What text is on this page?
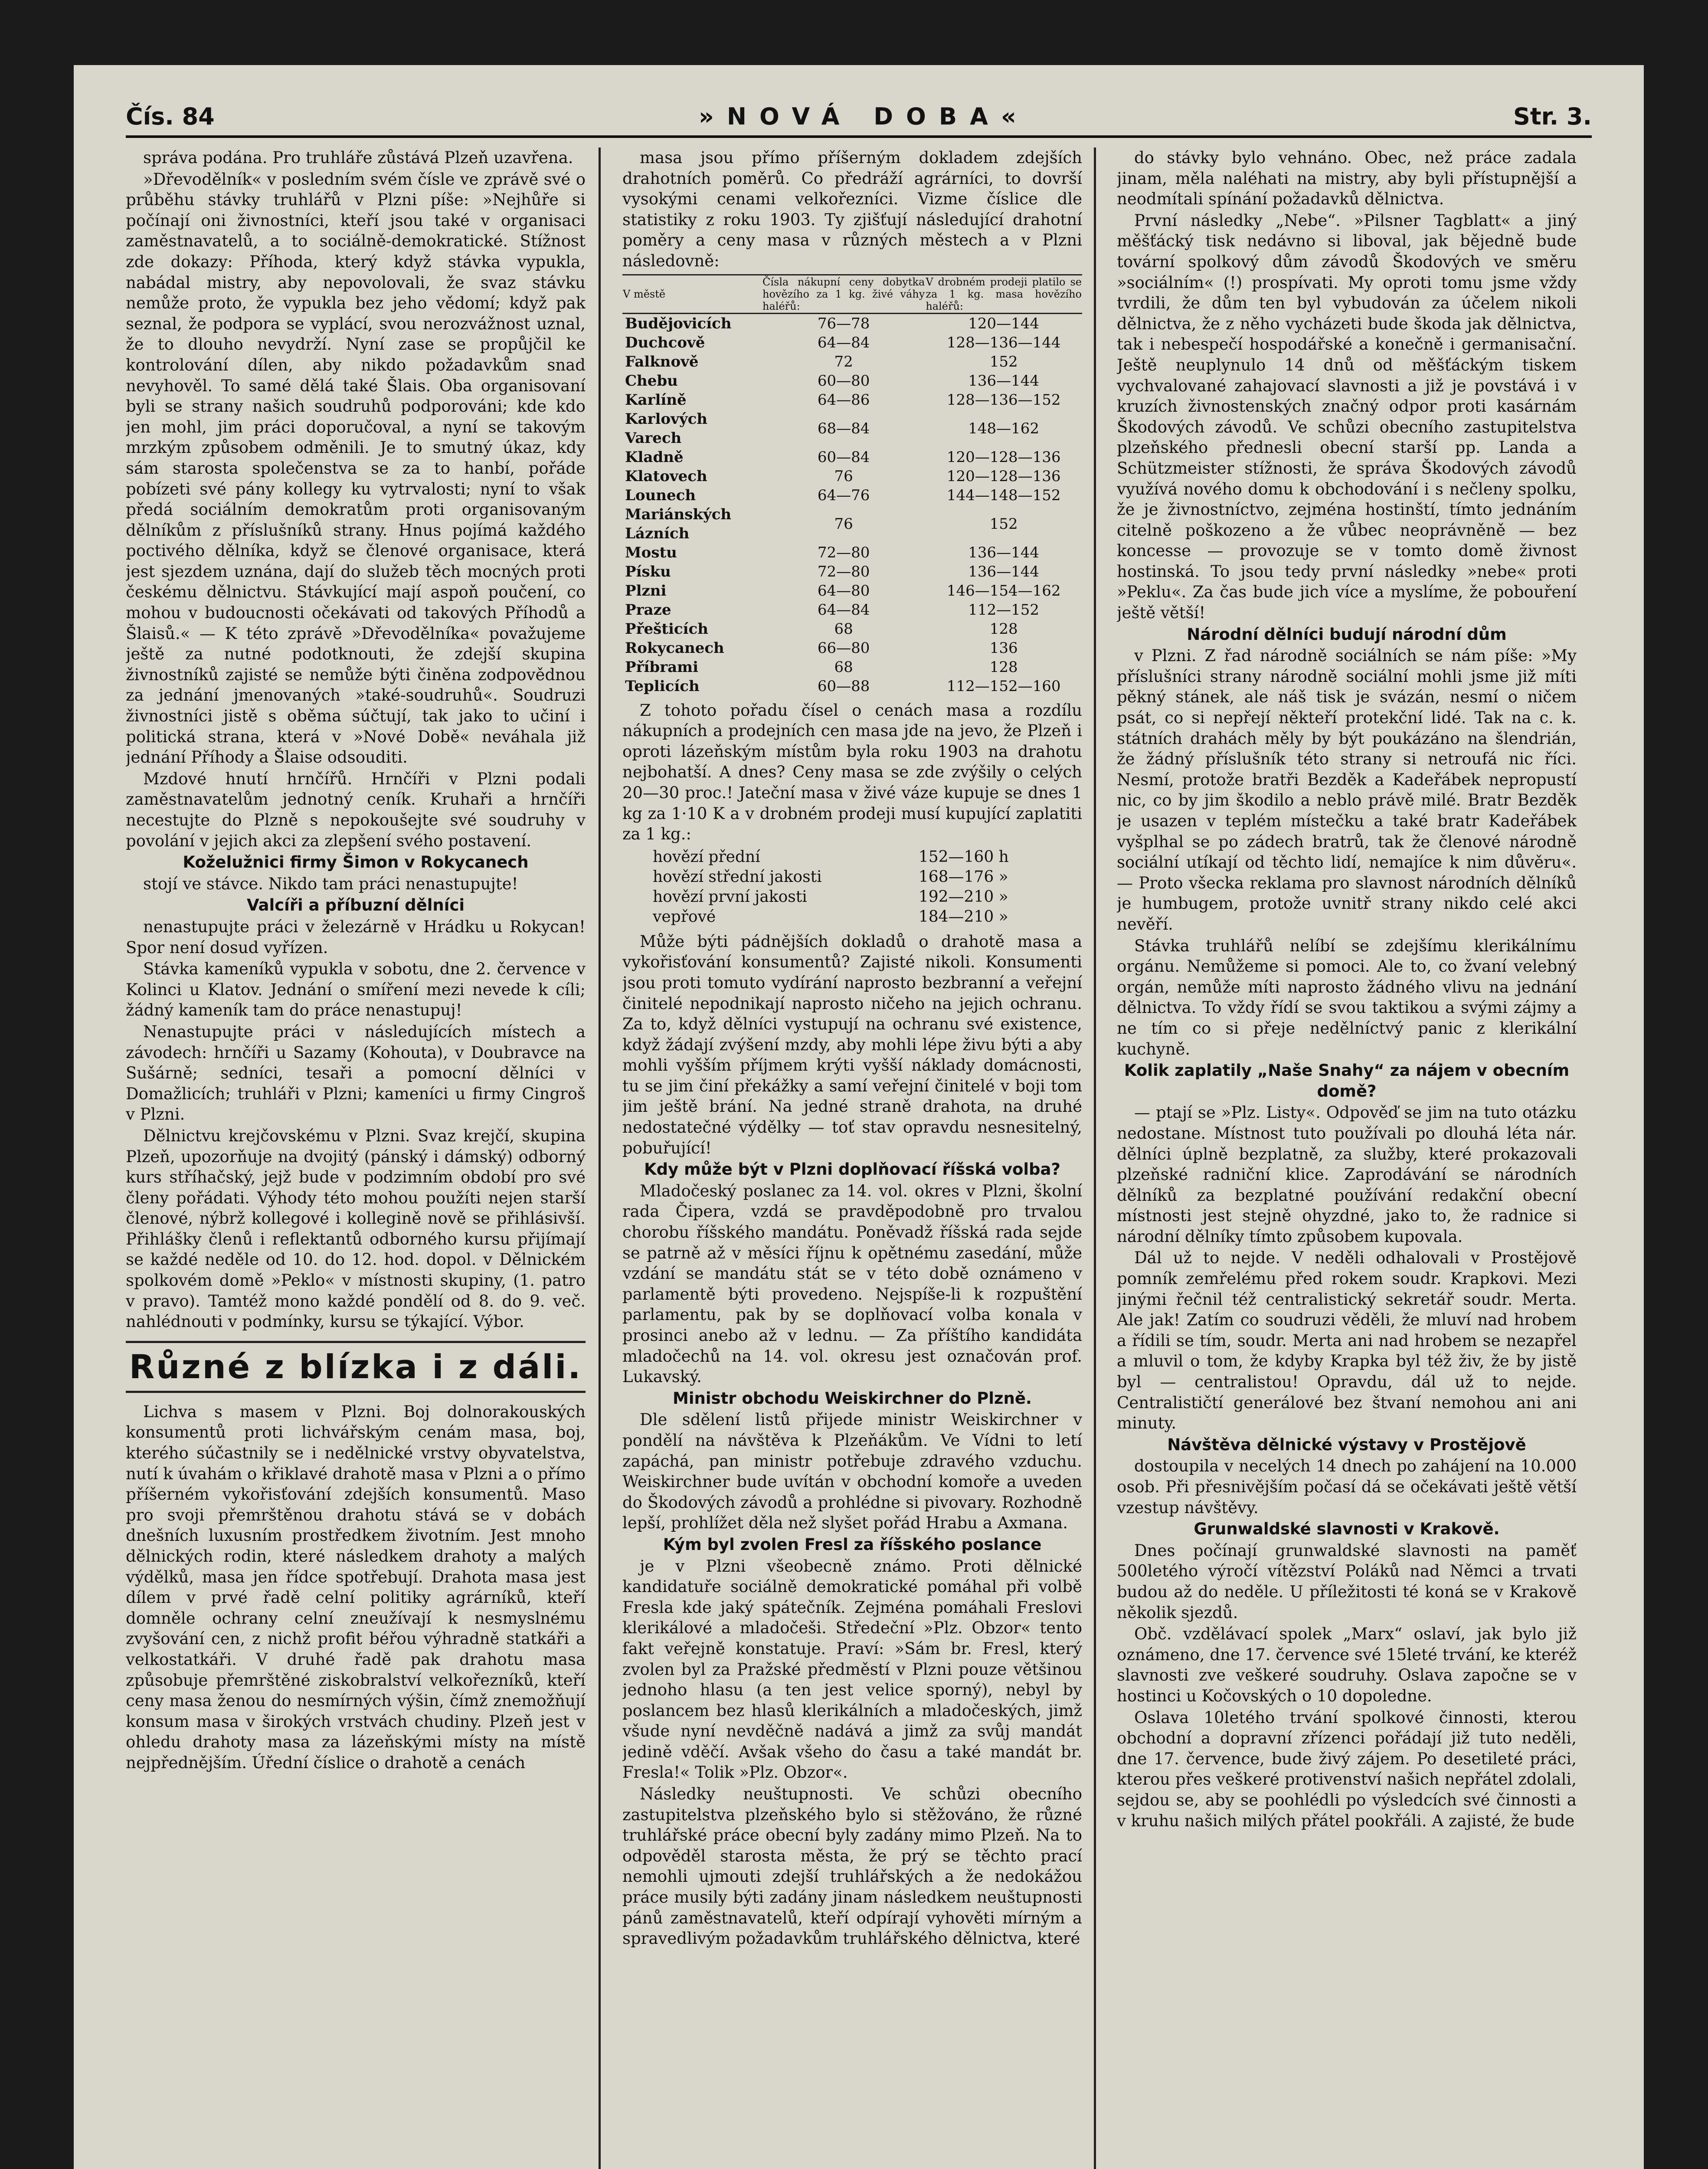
Čís. 84	»NOVÁ DOBA«	Str. 3.

správa podána. Pro truhláře zůstává Plzeň uzavřena.

»Dřevodělník« v posledním svém čísle ve zprávě své o průběhu stávky truhlářů v Plzni píše: »Nejhůře si počínají oni živnostníci, kteří jsou také v organisaci zaměstnavatelů, a to sociálně-demokratické. Stížnost zde dokazy: Příhoda, který když stávka vypukla, nabádal mistry, aby nepovolovali, že svaz stávku nemůže proto, že vypukla bez jeho vědomí; když pak seznal, že podpora se vyplácí, svou nerozvážnost uznal, že to dlouho nevydrží. Nyní zase se propůjčil ke kontrolování dílen, aby nikdo požadavkům snad nevyhověl. To samé dělá také Šlais. Oba organisovaní byli se strany našich soudruhů podporováni; kde kdo jen mohl, jim práci doporučoval, a nyní se takovým mrzkým způsobem odměnili. Je to smutný úkaz, kdy sám starosta společenstva se za to hanbí, pořáde pobízeti své pány kollegy ku vytrvalosti; nyní to však předá sociálním demokratům proti organisovaným dělníkům z příslušníků strany. Hnus pojímá každého poctivého dělníka, když se členové organisace, která jest sjezdem uznána, dají do služeb těch mocných proti českému dělnictvu. Stávkující mají aspoň poučení, co mohou v budoucnosti očekávati od takových Příhodů a Šlaisů.« — K této zprávě »Dřevodělníka« považujeme ještě za nutné podotknouti, že zdejší skupina živnostníků zajisté se nemůže býti činěna zodpovědnou za jednání jmenovaných »také-soudruhů«. Soudruzi živnostníci jistě s oběma súčtují, tak jako to učiní i politická strana, která v »Nové Době« neváhala již jednání Příhody a Šlaise odsouditi.

Mzdové hnutí hrnčířů. Hrnčíři v Plzni podali zaměstnavatelům jednotný ceník. Kruhaři a hrnčíři necestujte do Plzně s nepokoušejte své soudruhy v povolání v jejich akci za zlepšení svého postavení.

Koželužnici firmy Šimon v Rokycanech

stojí ve stávce. Nikdo tam práci nenastupujte!

Valcíři a příbuzní dělníci

nenastupujte práci v železárně v Hrádku u Rokycan! Spor není dosud vyřízen.

Stávka kameníků vypukla v sobotu, dne 2. července v Kolinci u Klatov. Jednání o smíření mezi nevede k cíli; žádný kameník tam do práce nenastupuj!

Nenastupujte práci v následujících místech a závodech: hrnčíři u Sazamy (Kohouta), v Doubravce na Sušárně; sedníci, tesaři a pomocní dělníci v Domažlicích; truhláři v Plzni; kameníci u firmy Cingroš v Plzni.

Dělnictvu krejčovskému v Plzni. Svaz krejčí, skupina Plzeň, upozorňuje na dvojitý (pánský i dámský) odborný kurs stříhačský, jejž bude v podzimním období pro své členy pořádati. Výhody této mohou použíti nejen starší členové, nýbrž kollegové i kollegině nově se přihlásivší. Přihlášky členů i reflektantů odborného kursu přijímají se každé neděle od 10. do 12. hod. dopol. v Dělnickém spolkovém domě »Peklo« v místnosti skupiny, (1. patro v pravo). Tamtéž mono každé pondělí od 8. do 9. več. nahlédnouti v podmínky, kursu se týkající. Výbor.

Různé z blízka i z dáli.

Lichva s masem v Plzni. Boj dolnorakouských konsumentů proti lichvářským cenám masa, boj, kterého súčastnily se i nedělnické vrstvy obyvatelstva, nutí k úvahám o křiklavé drahotě masa v Plzni a o přímo příšerném vykořisťování zdejších konsumentů. Maso pro svoji přemrštěnou drahotu stává se v dobách dnešních luxusním prostředkem životním. Jest mnoho dělnických rodin, které následkem drahoty a malých výdělků, masa jen řídce spotřebují. Drahota masa jest dílem v prvé řadě celní politiky agrárníků, kteří domněle ochrany celní zneužívají k nesmyslnému zvyšování cen, z nichž profit béřou výhradně statkáři a velkostatkáři. V druhé řadě pak drahotu masa způsobuje přemrštěné ziskobralství velkořezníků, kteří ceny masa ženou do nesmírných výšin, čímž znemožňují konsum masa v širokých vrstvách chudiny. Plzeň jest v ohledu drahoty masa za lázeňskými místy na místě nejpřednějším. Úřední číslice o drahotě a cenách

masa jsou přímo příšerným dokladem zdejších drahotních poměrů. Co předráží agrárníci, to dovrší vysokými cenami velkořezníci. Vizme číslice dle statistiky z roku 1903. Ty zjišťují následující drahotní poměry a ceny masa v různých městech a v Plzni následovně:

V městě	Čísla nákupní ceny dobytka hovězího za 1 kg. živé váhy haléřů:	V drobném prodeji platilo se za 1 kg. masa hovězího haléřů:
Budějovicích	76—78	120—144
Duchcově	64—84	128—136—144
Falknově	72	152
Chebu	60—80	136—144
Karlíně	64—86	128—136—152
Karlových Varech	68—84	148—162
Kladně	60—84	120—128—136
Klatovech	76	120—128—136
Lounech	64—76	144—148—152
Mariánských Lázních	76	152
Mostu	72—80	136—144
Písku	72—80	136—144
Plzni	64—80	146—154—162
Praze	64—84	112—152
Přešticích	68	128
Rokycanech	66—80	136
Příbrami	68	128
Teplicích	60—88	112—152—160

Z tohoto pořadu čísel o cenách masa a rozdílu nákupních a prodejních cen masa jde na jevo, že Plzeň i oproti lázeňským místům byla roku 1903 na drahotu nejbohatší. A dnes? Ceny masa se zde zvýšily o celých 20—30 proc.! Jateční masa v živé váze kupuje se dnes 1 kg za 1·10 K a v drobném prodeji musí kupující zaplatiti za 1 kg.:

hovězí přední	152—160 h
hovězí střední jakosti	168—176 »
hovězí první jakosti	192—210 »
vepřové	184—210 »

Může býti pádnějších dokladů o drahotě masa a vykořisťování konsumentů? Zajisté nikoli. Konsumenti jsou proti tomuto vydírání naprosto bezbranní a veřejní činitelé nepodnikají naprosto ničeho na jejich ochranu. Za to, když dělníci vystupují na ochranu své existence, když žádají zvýšení mzdy, aby mohli lépe živu býti a aby mohli vyšším příjmem krýti vyšší náklady domácnosti, tu se jim činí překážky a samí veřejní činitelé v boji tom jim ještě brání. Na jedné straně drahota, na druhé nedostatečné výdělky — toť stav opravdu nesnesitelný, pobuřující!

Kdy může být v Plzni doplňovací říšská volba?

Mladočeský poslanec za 14. vol. okres v Plzni, školní rada Čipera, vzdá se pravděpodobně pro trvalou chorobu říšského mandátu. Poněvadž říšská rada sejde se patrně až v měsíci říjnu k opětnému zasedání, může vzdání se mandátu stát se v této době oznámeno v parlamentě býti provedeno. Nejspíše-li k rozpuštění parlamentu, pak by se doplňovací volba konala v prosinci anebo až v lednu. — Za příštího kandidáta mladočechů na 14. vol. okresu jest označován prof. Lukavský.

Ministr obchodu Weiskirchner do Plzně.

Dle sdělení listů přijede ministr Weiskirchner v pondělí na návštěva k Plzeňákům. Ve Vídni to letí zapáchá, pan ministr potřebuje zdravého vzduchu. Weiskirchner bude uvítán v obchodní komoře a uveden do Škodových závodů a prohlédne si pivovary. Rozhodně lepší, prohlížet děla než slyšet pořád Hrabu a Axmana.

Kým byl zvolen Fresl za říšského poslance

je v Plzni všeobecně známo. Proti dělnické kandidatuře sociálně demokratické pomáhal při volbě Fresla kde jaký spátečník. Zejména pomáhali Freslovi klerikálové a mladočeši. Středeční »Plz. Obzor« tento fakt veřejně konstatuje. Praví: »Sám br. Fresl, který zvolen byl za Pražské předměstí v Plzni pouze většinou jednoho hlasu (a ten jest velice sporný), nebyl by poslancem bez hlasů klerikálních a mladočeských, jimž všude nyní nevděčně nadává a jimž za svůj mandát jedině vděčí. Avšak všeho do času a také mandát br. Fresla!« Tolik »Plz. Obzor«.

Následky neuštupnosti. Ve schůzi obecního zastupitelstva plzeňského bylo si stěžováno, že různé truhlářské práce obecní byly zadány mimo Plzeň. Na to odpověděl starosta města, že prý se těchto prací nemohli ujmouti zdejší truhlářských a že nedokážou práce musily býti zadány jinam následkem neuštupnosti pánů zaměstnavatelů, kteří odpírají vyhověti mírným a spravedlivým požadavkům truhlářského dělnictva, které

do stávky bylo vehnáno. Obec, než práce zadala jinam, měla naléhati na mistry, aby byli přístupnější a neodmítali spínání požadavků dělnictva.

První následky „Nebe“. »Pilsner Tagblatt« a jiný měšťácký tisk nedávno si liboval, jak bějedně bude tovární spolkový dům závodů Škodových ve směru »sociálním« (!) prospívati. My oproti tomu jsme vždy tvrdili, že dům ten byl vybudován za účelem nikoli dělnictva, že z něho vycházeti bude škoda jak dělnictva, tak i nebespečí hospodářské a konečně i germanisační. Ještě neuplynulo 14 dnů od měšťáckým tiskem vychvalované zahajovací slavnosti a již je povstává i v kruzích živnostenských značný odpor proti kasárnám Škodových závodů. Ve schůzi obecního zastupitelstva plzeňského přednesli obecní starší pp. Landa a Schützmeister stížnosti, že správa Škodových závodů využívá nového domu k obchodování i s nečleny spolku, že je živnostníctvo, zejména hostinští, tímto jednáním citelně poškozeno a že vůbec neoprávněně — bez koncesse — provozuje se v tomto domě živnost hostinská. To jsou tedy první následky »nebe« proti »Peklu«. Za čas bude jich více a myslíme, že pobouření ještě větší!

Národní dělníci budují národní dům

v Plzni. Z řad národně sociálních se nám píše: »My příslušníci strany národně sociální mohli jsme již míti pěkný stánek, ale náš tisk je svázán, nesmí o ničem psát, co si nepřejí někteří protekční lidé. Tak na c. k. státních drahách měly by být poukázáno na šlendrián, že žádný příslušník této strany si netroufá nic říci. Nesmí, protože bratři Bezděk a Kadeřábek nepropustí nic, co by jim škodilo a neblo právě milé. Bratr Bezděk je usazen v teplém místečku a také bratr Kadeřábek vyšplhal se po zádech bratrů, tak že členové národně sociální utíkají od těchto lidí, nemajíce k nim důvěru«. — Proto všecka reklama pro slavnost národních dělníků je humbugem, protože uvnitř strany nikdo celé akci nevěří.

Stávka truhlářů nelíbí se zdejšímu klerikálnímu orgánu. Nemůžeme si pomoci. Ale to, co žvaní velebný orgán, nemůže míti naprosto žádného vlivu na jednání dělnictva. To vždy řídí se svou taktikou a svými zájmy a ne tím co si přeje nedělníctvý panic z klerikální kuchyně.

Kolik zaplatily „Naše Snahy“ za nájem v obecním domě?

— ptají se »Plz. Listy«. Odpověď se jim na tuto otázku nedostane. Místnost tuto používali po dlouhá léta nár. dělníci úplně bezplatně, za služby, které prokazovali plzeňské radniční klice. Zaprodávání se národních dělníků za bezplatné používání redakční obecní místnosti jest stejně ohyzdné, jako to, že radnice si národní dělníky tímto způsobem kupovala.

Dál už to nejde. V neděli odhalovali v Prostějově pomník zemřelému před rokem soudr. Krapkovi. Mezi jinými řečnil též centralistický sekretář soudr. Merta. Ale jak! Zatím co soudruzi věděli, že mluví nad hrobem a řídili se tím, soudr. Merta ani nad hrobem se nezapřel a mluvil o tom, že kdyby Krapka byl též živ, že by jistě byl — centralistou! Opravdu, dál už to nejde. Centralističtí generálové bez štvaní nemohou ani ani minuty.

Návštěva dělnické výstavy v Prostějově

dostoupila v necelých 14 dnech po zahájení na 10.000 osob. Při přesnivějším počasí dá se očekávati ještě větší vzestup návštěvy.

Grunwaldské slavnosti v Krakově.

Dnes počínají grunwaldské slavnosti na paměť 500letého výročí vítězství Poláků nad Němci a trvati budou až do neděle. U příležitosti té koná se v Krakově několik sjezdů.

Obč. vzdělávací spolek „Marx“ oslaví, jak bylo již oznámeno, dne 17. července své 15leté trvání, ke kteréž slavnosti zve veškeré soudruhy. Oslava započne se v hostinci u Kočovských o 10 dopoledne.

Oslava 10letého trvání spolkové činnosti, kterou obchodní a dopravní zřízenci pořádají již tuto neděli, dne 17. července, bude živý zájem. Po desetileté práci, kterou přes veškeré protivenství našich nepřátel zdolali, sejdou se, aby se poohlédli po výsledcích své činnosti a v kruhu našich milých přátel pookřáli. A zajisté, že bude
